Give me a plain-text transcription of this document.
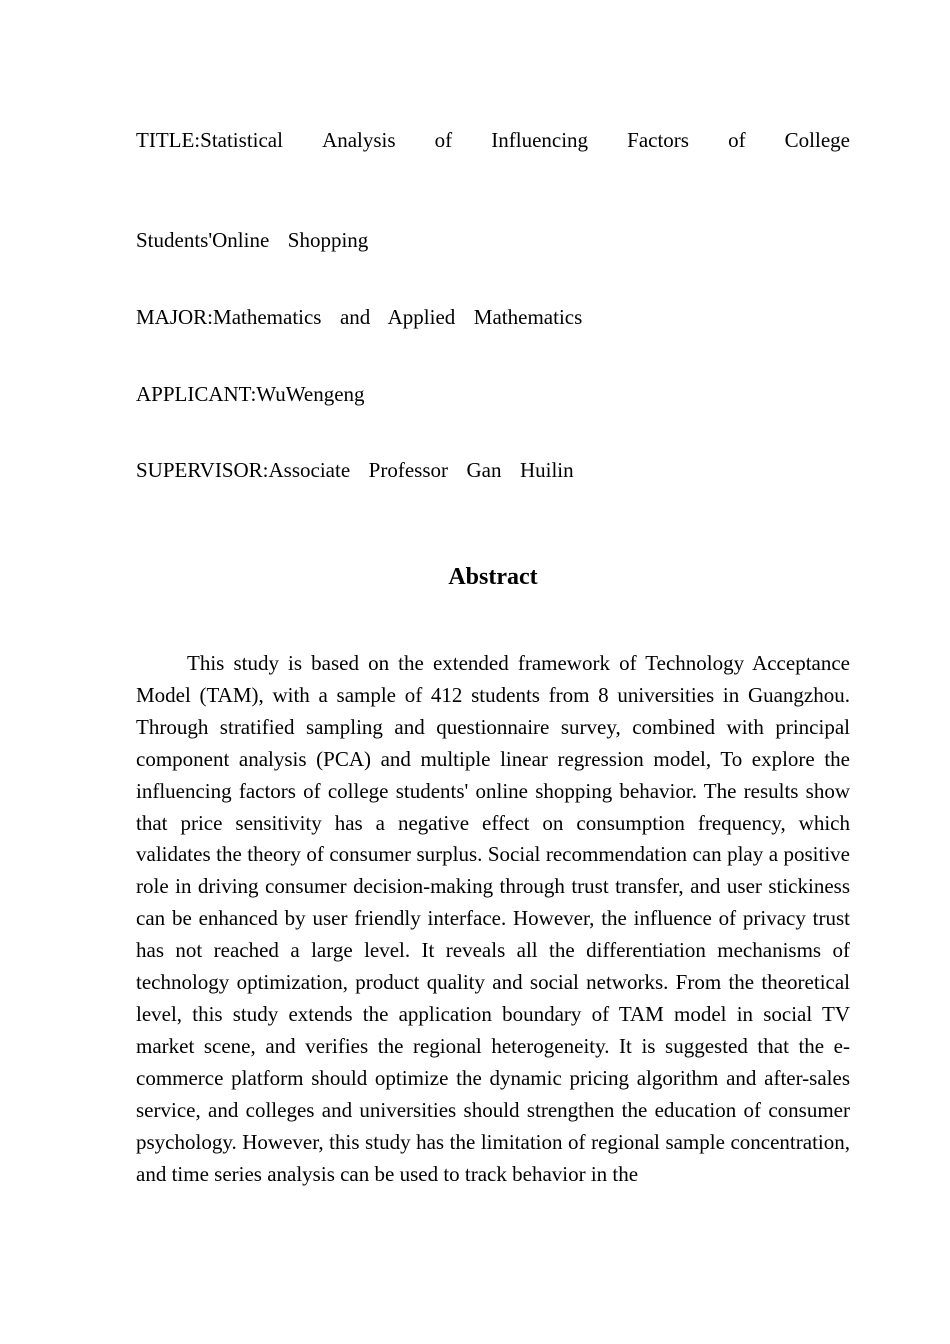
TITLE:Statistical Analysis of Influencing Factors of College
Students'Online  Shopping
MAJOR:Mathematics  and  Applied  Mathematics
APPLICANT:WuWengeng
SUPERVISOR:Associate  Professor  Gan  Huilin
Abstract

This study is based on the extended framework of Technology Acceptance Model (TAM), with a sample of 412 students from 8 universities in Guangzhou. Through stratified sampling and questionnaire survey, combined with principal component analysis (PCA) and multiple linear regression model, To explore the influencing factors of college students' online shopping behavior. The results show that price sensitivity has a negative effect on consumption frequency, which validates the theory of consumer surplus. Social recommendation can play a positive role in driving consumer decision-making through trust transfer, and user stickiness can be enhanced by user friendly interface. However, the influence of privacy trust has not reached a large level. It reveals all the differentiation mechanisms of technology optimization, product quality and social networks. From the theoretical level, this study extends the application boundary of TAM model in social TV market scene, and verifies the regional heterogeneity. It is suggested that the e-commerce platform should optimize the dynamic pricing algorithm and after-sales service, and colleges and universities should strengthen the education of consumer psychology. However, this study has the limitation of regional sample concentration, and time series analysis can be used to track behavior in the
